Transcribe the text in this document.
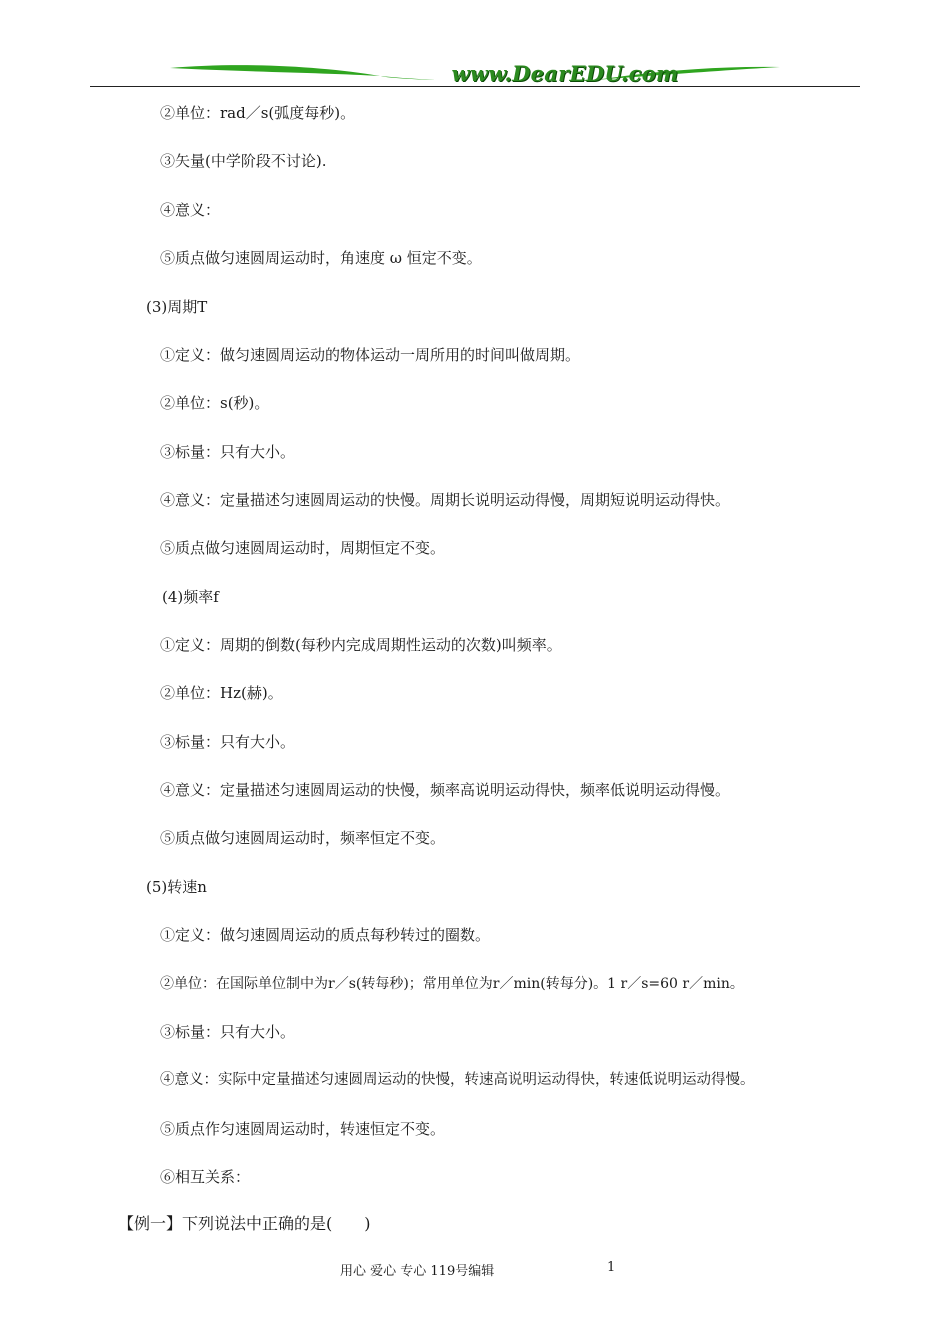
www.DearEDU.com
②单位：rad／s(弧度每秒)。
③矢量(中学阶段不讨论).
④意义：
⑤质点做匀速圆周运动时，角速度 ω 恒定不变。
(3)周期T
①定义：做匀速圆周运动的物体运动一周所用的时间叫做周期。
②单位：s(秒)。
③标量：只有大小。
④意义：定量描述匀速圆周运动的快慢。周期长说明运动得慢，周期短说明运动得快。
⑤质点做匀速圆周运动时，周期恒定不变。
(4)频率f
①定义：周期的倒数(每秒内完成周期性运动的次数)叫频率。
②单位：Hz(赫)。
③标量：只有大小。
④意义：定量描述匀速圆周运动的快慢，频率高说明运动得快，频率低说明运动得慢。
⑤质点做匀速圆周运动时，频率恒定不变。
(5)转速n
①定义：做匀速圆周运动的质点每秒转过的圈数。
②单位：在国际单位制中为r／s(转每秒)；常用单位为r／min(转每分)。1 r／s=60 r／min。
③标量：只有大小。
④意义：实际中定量描述匀速圆周运动的快慢，转速高说明运动得快，转速低说明运动得慢。
⑤质点作匀速圆周运动时，转速恒定不变。
⑥相互关系：
【例一】下列说法中正确的是(　　)
用心 爱心 专心 119号编辑	1
